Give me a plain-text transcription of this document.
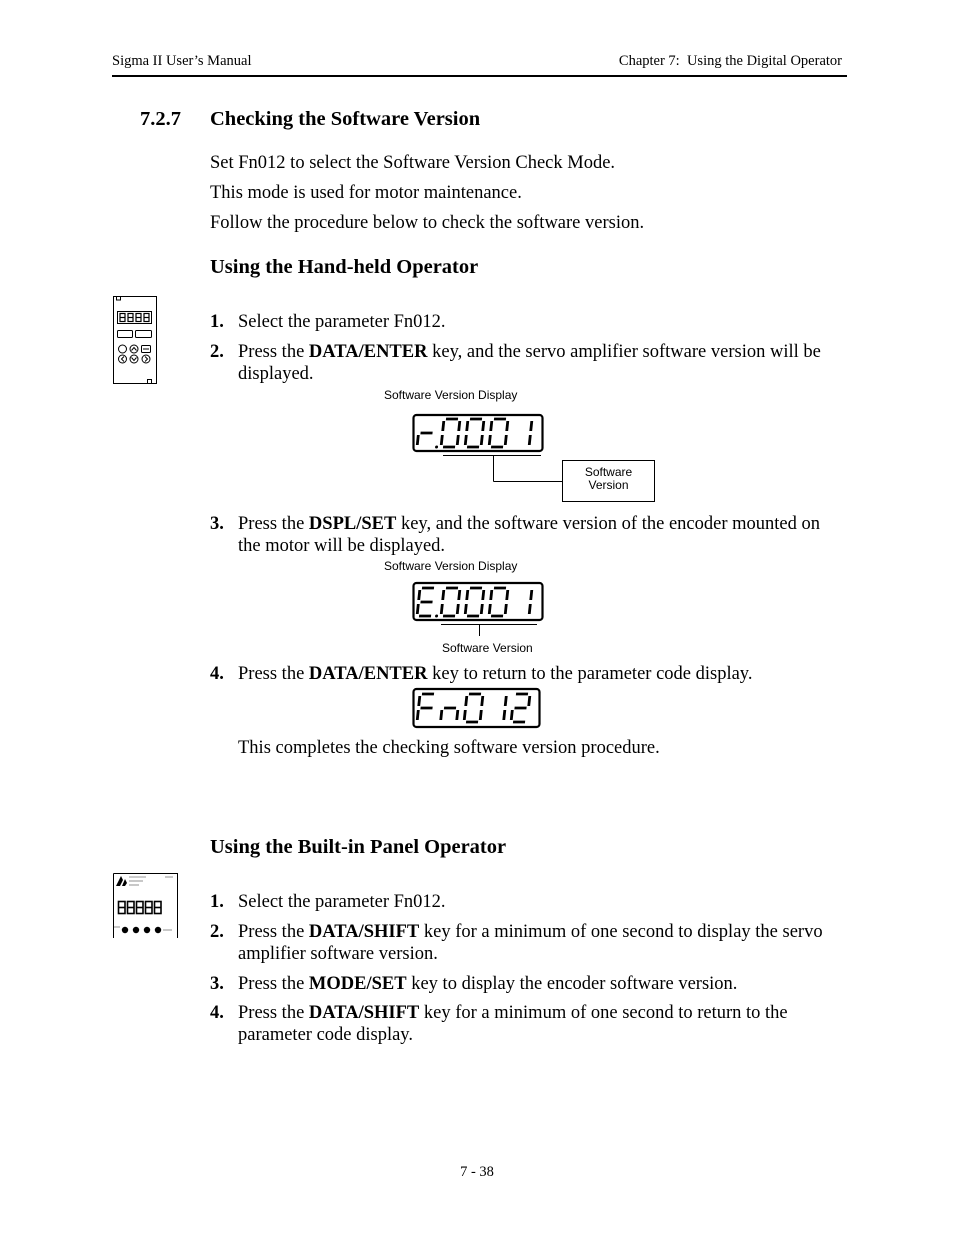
Sigma II User’s Manual	Chapter 7:  Using the Digital Operator
7.2.7 Checking the Software Version
Set Fn012 to select the Software Version Check Mode.
This mode is used for motor maintenance.
Follow the procedure below to check the software version.
Using the Hand-held Operator
1. Select the parameter Fn012.
2. Press the DATA/ENTER key, and the servo amplifier software version will be
displayed.
Software Version Display
Software
Version
3. Press the DSPL/SET key, and the software version of the encoder mounted on
the motor will be displayed.
Software Version Display
Software Version
4. Press the DATA/ENTER key to return to the parameter code display.
This completes the checking software version procedure.
Using the Built-in Panel Operator
1. Select the parameter Fn012.
2. Press the DATA/SHIFT key for a minimum of one second to display the servo
amplifier software version.
3. Press the MODE/SET key to display the encoder software version.
4. Press the DATA/SHIFT key for a minimum of one second to return to the
parameter code display.
7 - 38
